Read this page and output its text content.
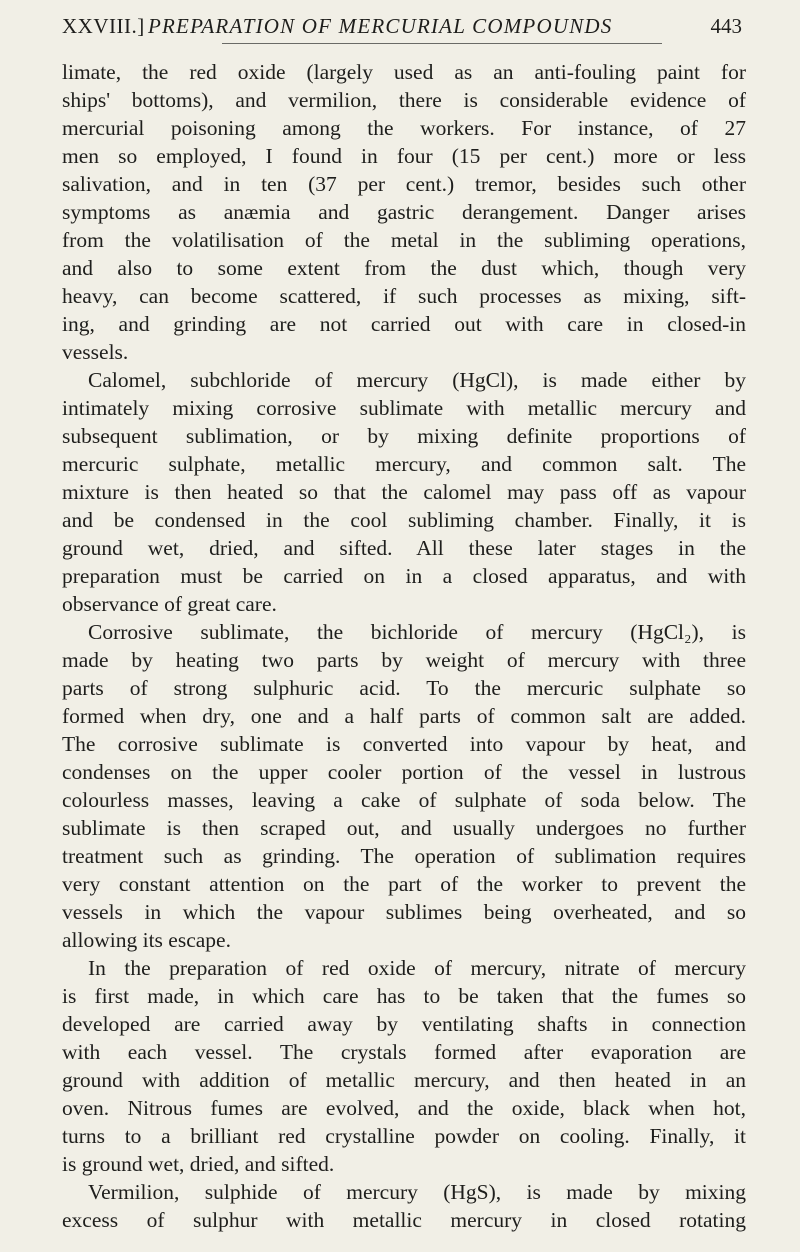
XXVIII.] PREPARATION OF MERCURIAL COMPOUNDS	443
limate, the red oxide (largely used as an anti-fouling paint for
ships' bottoms), and vermilion, there is considerable evidence of
mercurial poisoning among the workers. For instance, of 27
men so employed, I found in four (15 per cent.) more or less
salivation, and in ten (37 per cent.) tremor, besides such other
symptoms as anæmia and gastric derangement. Danger arises
from the volatilisation of the metal in the subliming operations,
and also to some extent from the dust which, though very
heavy, can become scattered, if such processes as mixing, sift-
ing, and grinding are not carried out with care in closed-in
vessels.
Calomel, subchloride of mercury (HgCl), is made either by
intimately mixing corrosive sublimate with metallic mercury and
subsequent sublimation, or by mixing definite proportions of
mercuric sulphate, metallic mercury, and common salt. The
mixture is then heated so that the calomel may pass off as vapour
and be condensed in the cool subliming chamber. Finally, it is
ground wet, dried, and sifted. All these later stages in the
preparation must be carried on in a closed apparatus, and with
observance of great care.
Corrosive sublimate, the bichloride of mercury (HgCl₂), is
made by heating two parts by weight of mercury with three
parts of strong sulphuric acid. To the mercuric sulphate so
formed when dry, one and a half parts of common salt are added.
The corrosive sublimate is converted into vapour by heat, and
condenses on the upper cooler portion of the vessel in lustrous
colourless masses, leaving a cake of sulphate of soda below. The
sublimate is then scraped out, and usually undergoes no further
treatment such as grinding. The operation of sublimation requires
very constant attention on the part of the worker to prevent the
vessels in which the vapour sublimes being overheated, and so
allowing its escape.
In the preparation of red oxide of mercury, nitrate of mercury
is first made, in which care has to be taken that the fumes so
developed are carried away by ventilating shafts in connection
with each vessel. The crystals formed after evaporation are
ground with addition of metallic mercury, and then heated in an
oven. Nitrous fumes are evolved, and the oxide, black when hot,
turns to a brilliant red crystalline powder on cooling. Finally, it
is ground wet, dried, and sifted.
Vermilion, sulphide of mercury (HgS), is made by mixing
excess of sulphur with metallic mercury in closed rotating
